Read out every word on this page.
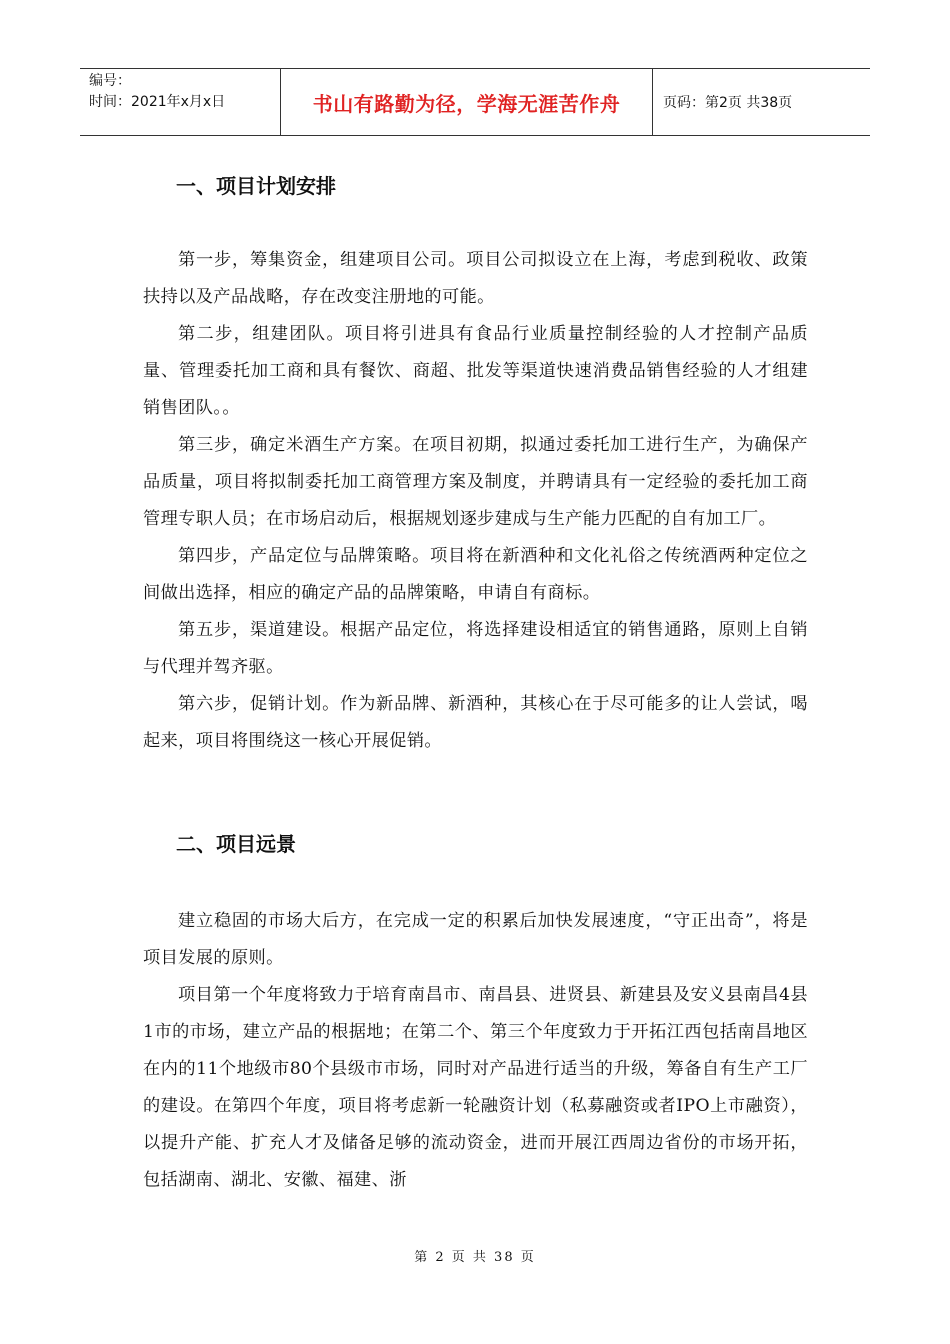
编号：
时间：2021年x月x日	书山有路勤为径，学海无涯苦作舟	页码：第2页 共38页
一、项目计划安排

第一步，筹集资金，组建项目公司。项目公司拟设立在上海，考虑到税收、政策扶持以及产品战略，存在改变注册地的可能。

第二步，组建团队。项目将引进具有食品行业质量控制经验的人才控制产品质量、管理委托加工商和具有餐饮、商超、批发等渠道快速消费品销售经验的人才组建销售团队。。

第三步，确定米酒生产方案。在项目初期，拟通过委托加工进行生产，为确保产品质量，项目将拟制委托加工商管理方案及制度，并聘请具有一定经验的委托加工商管理专职人员；在市场启动后，根据规划逐步建成与生产能力匹配的自有加工厂。

第四步，产品定位与品牌策略。项目将在新酒种和文化礼俗之传统酒两种定位之间做出选择，相应的确定产品的品牌策略，申请自有商标。

第五步，渠道建设。根据产品定位，将选择建设相适宜的销售通路，原则上自销与代理并驾齐驱。

第六步，促销计划。作为新品牌、新酒种，其核心在于尽可能多的让人尝试，喝起来，项目将围绕这一核心开展促销。

二、项目远景

建立稳固的市场大后方，在完成一定的积累后加快发展速度，“守正出奇”，将是项目发展的原则。

项目第一个年度将致力于培育南昌市、南昌县、进贤县、新建县及安义县南昌4县1市的市场，建立产品的根据地；在第二个、第三个年度致力于开拓江西包括南昌地区在内的11个地级市80个县级市市场，同时对产品进行适当的升级，筹备自有生产工厂的建设。在第四个年度，项目将考虑新一轮融资计划（私募融资或者IPO上市融资），以提升产能、扩充人才及储备足够的流动资金，进而开展江西周边省份的市场开拓，包括湖南、湖北、安徽、福建、浙

第 2 页 共 38 页
